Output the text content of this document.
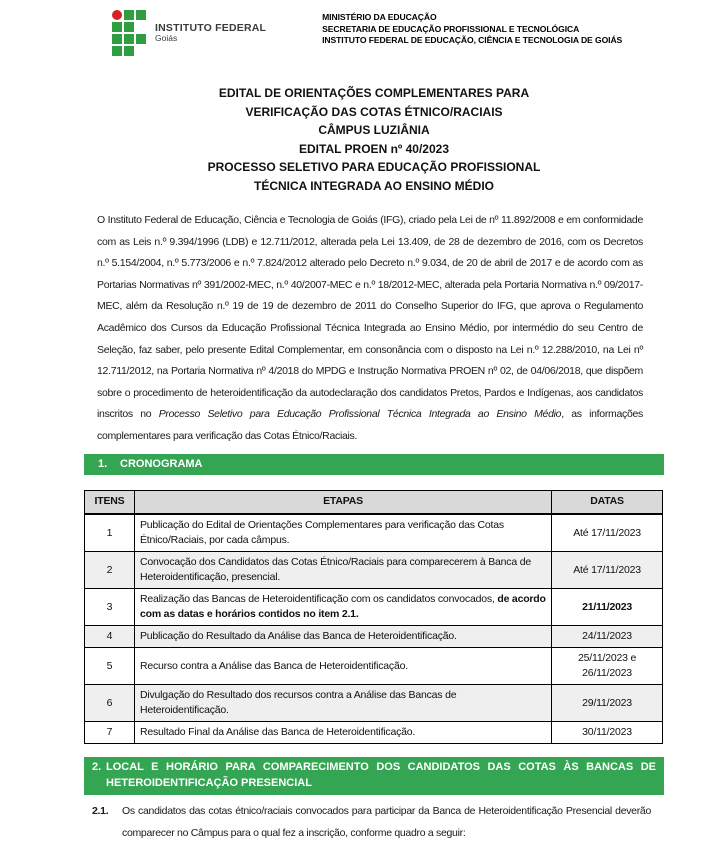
INSTITUTO FEDERAL
Goiás
MINISTÉRIO DA EDUCAÇÃO
SECRETARIA DE EDUCAÇÃO PROFISSIONAL E TECNOLÓGICA
INSTITUTO FEDERAL DE EDUCAÇÃO, CIÊNCIA E TECNOLOGIA DE GOIÁS
EDITAL DE ORIENTAÇÕES COMPLEMENTARES PARA
VERIFICAÇÃO DAS COTAS ÉTNICO/RACIAIS
CÂMPUS LUZIÂNIA
EDITAL PROEN nº 40/2023
PROCESSO SELETIVO PARA EDUCAÇÃO PROFISSIONAL
TÉCNICA INTEGRADA AO ENSINO MÉDIO

O Instituto Federal de Educação, Ciência e Tecnologia de Goiás (IFG), criado pela Lei de nº 11.892/2008 e em conformidade com as Leis n.º 9.394/1996 (LDB) e 12.711/2012, alterada pela Lei 13.409, de 28 de dezembro de 2016, com os Decretos n.º 5.154/2004, n.º 5.773/2006 e n.º 7.824/2012 alterado pelo Decreto n.º 9.034, de 20 de abril de 2017 e de acordo com as Portarias Normativas nº 391/2002-MEC, n.º 40/2007-MEC e n.º 18/2012-MEC, alterada pela Portaria Normativa n.º 09/2017-MEC, além da Resolução n.º 19 de 19 de dezembro de 2011 do Conselho Superior do IFG, que aprova o Regulamento Acadêmico dos Cursos da Educação Profissional Técnica Integrada ao Ensino Médio, por intermédio do seu Centro de Seleção, faz saber, pelo presente Edital Complementar, em consonância com o disposto na Lei n.º 12.288/2010, na Lei nº 12.711/2012, na Portaria Normativa nº 4/2018 do MPDG e Instrução Normativa PROEN nº 02, de 04/06/2018, que dispõem sobre o procedimento de heteroidentificação da autodeclaração dos candidatos Pretos, Pardos e Indígenas, aos candidatos inscritos no Processo Seletivo para Educação Profissional Técnica Integrada ao Ensino Médio, as informações complementares para verificação das Cotas Étnico/Raciais.

1.	CRONOGRAMA
ITENS	ETAPAS	DATAS
1	Publicação do Edital de Orientações Complementares para verificação das Cotas Étnico/Raciais, por cada câmpus.	Até 17/11/2023
2	Convocação dos Candidatos das Cotas Étnico/Raciais para comparecerem à Banca de Heteroidentificação, presencial.	Até 17/11/2023
3	Realização das Bancas de Heteroidentificação com os candidatos convocados, de acordo com as datas e horários contidos no item 2.1.	21/11/2023
4	Publicação do Resultado da Análise das Banca de Heteroidentificação.	24/11/2023
5	Recurso contra a Análise das Banca de Heteroidentificação.	25/11/2023 e 26/11/2023
6	Divulgação do Resultado dos recursos contra a Análise das Bancas de Heteroidentificação.	29/11/2023
7	Resultado Final da Análise das Banca de Heteroidentificação.	30/11/2023
2. LOCAL E HORÁRIO PARA COMPARECIMENTO DOS CANDIDATOS DAS COTAS ÀS BANCAS DE HETEROIDENTIFICAÇÃO PRESENCIAL
2.1.	Os candidatos das cotas étnico/raciais convocados para participar da Banca de Heteroidentificação Presencial deverão comparecer no Câmpus para o qual fez a inscrição, conforme quadro a seguir:
